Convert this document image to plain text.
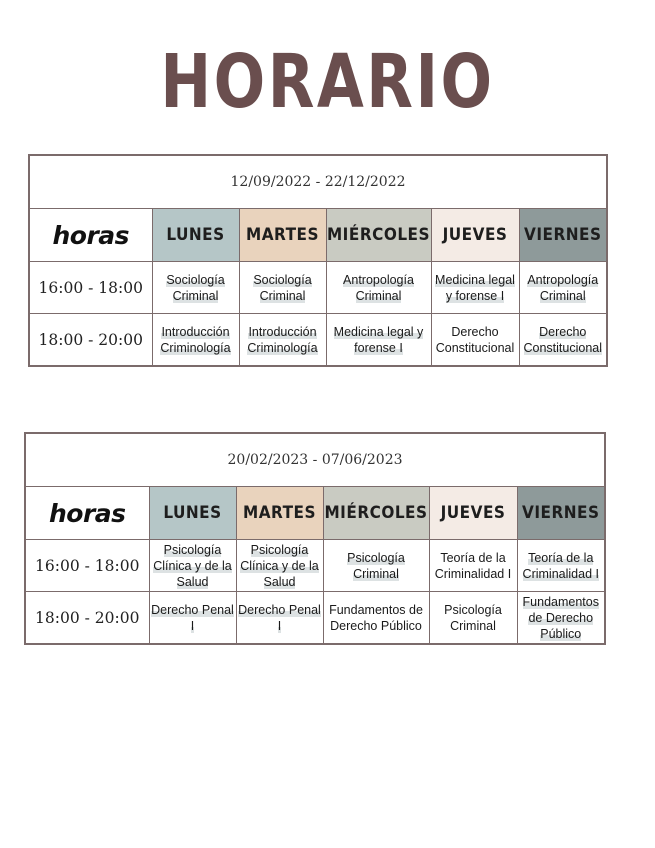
HORARIO
12/09/2022 - 22/12/2022					
horas	LUNES	MARTES	MIÉRCOLES	JUEVES	VIERNES
16:00 - 18:00	Sociología Criminal	Sociología Criminal	Antropología Criminal	Medicina legal y forense I	Antropología Criminal
18:00 - 20:00	Introducción Criminología	Introducción Criminología	Medicina legal y forense I	Derecho Constitucional	Derecho Constitucional
20/02/2023 - 07/06/2023					
horas	LUNES	MARTES	MIÉRCOLES	JUEVES	VIERNES
16:00 - 18:00	Psicología Clínica y de la Salud	Psicología Clínica y de la Salud	Psicología Criminal	Teoría de la Criminalidad I	Teoría de la Criminalidad I
18:00 - 20:00	Derecho Penal I	Derecho Penal I	Fundamentos de Derecho Público	Psicología Criminal	Fundamentos de Derecho Público
